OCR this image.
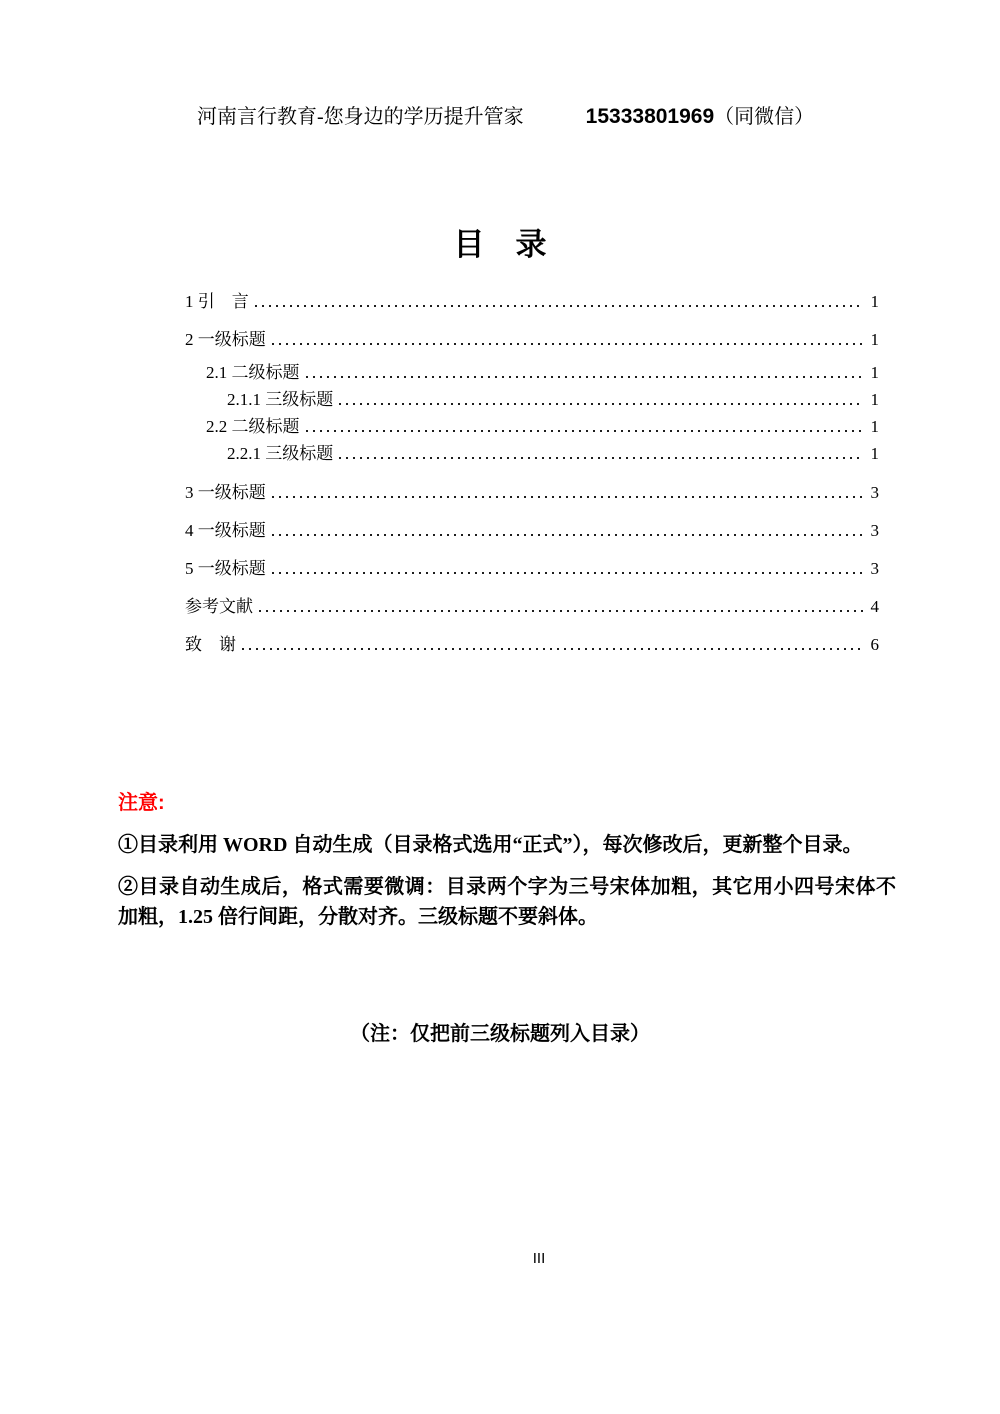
河南言行教育-您身边的学历提升管家	15333801969 （同微信）
目　录
1 引　言	1
2 一级标题	1
2.1 二级标题	1
2.1.1 三级标题	1
2.2 二级标题	1
2.2.1 三级标题	1
3 一级标题	3
4 一级标题	3
5 一级标题	3
参考文献	4
致　谢	6
注意:

①目录利用 WORD 自动生成（目录格式选用“正式”），每次修改后，更新整个目录。

②目录自动生成后，格式需要微调：目录两个字为三号宋体加粗，其它用小四号宋体不加粗，1.25 倍行间距，分散对齐。三级标题不要斜体。

（注：仅把前三级标题列入目录）
III
